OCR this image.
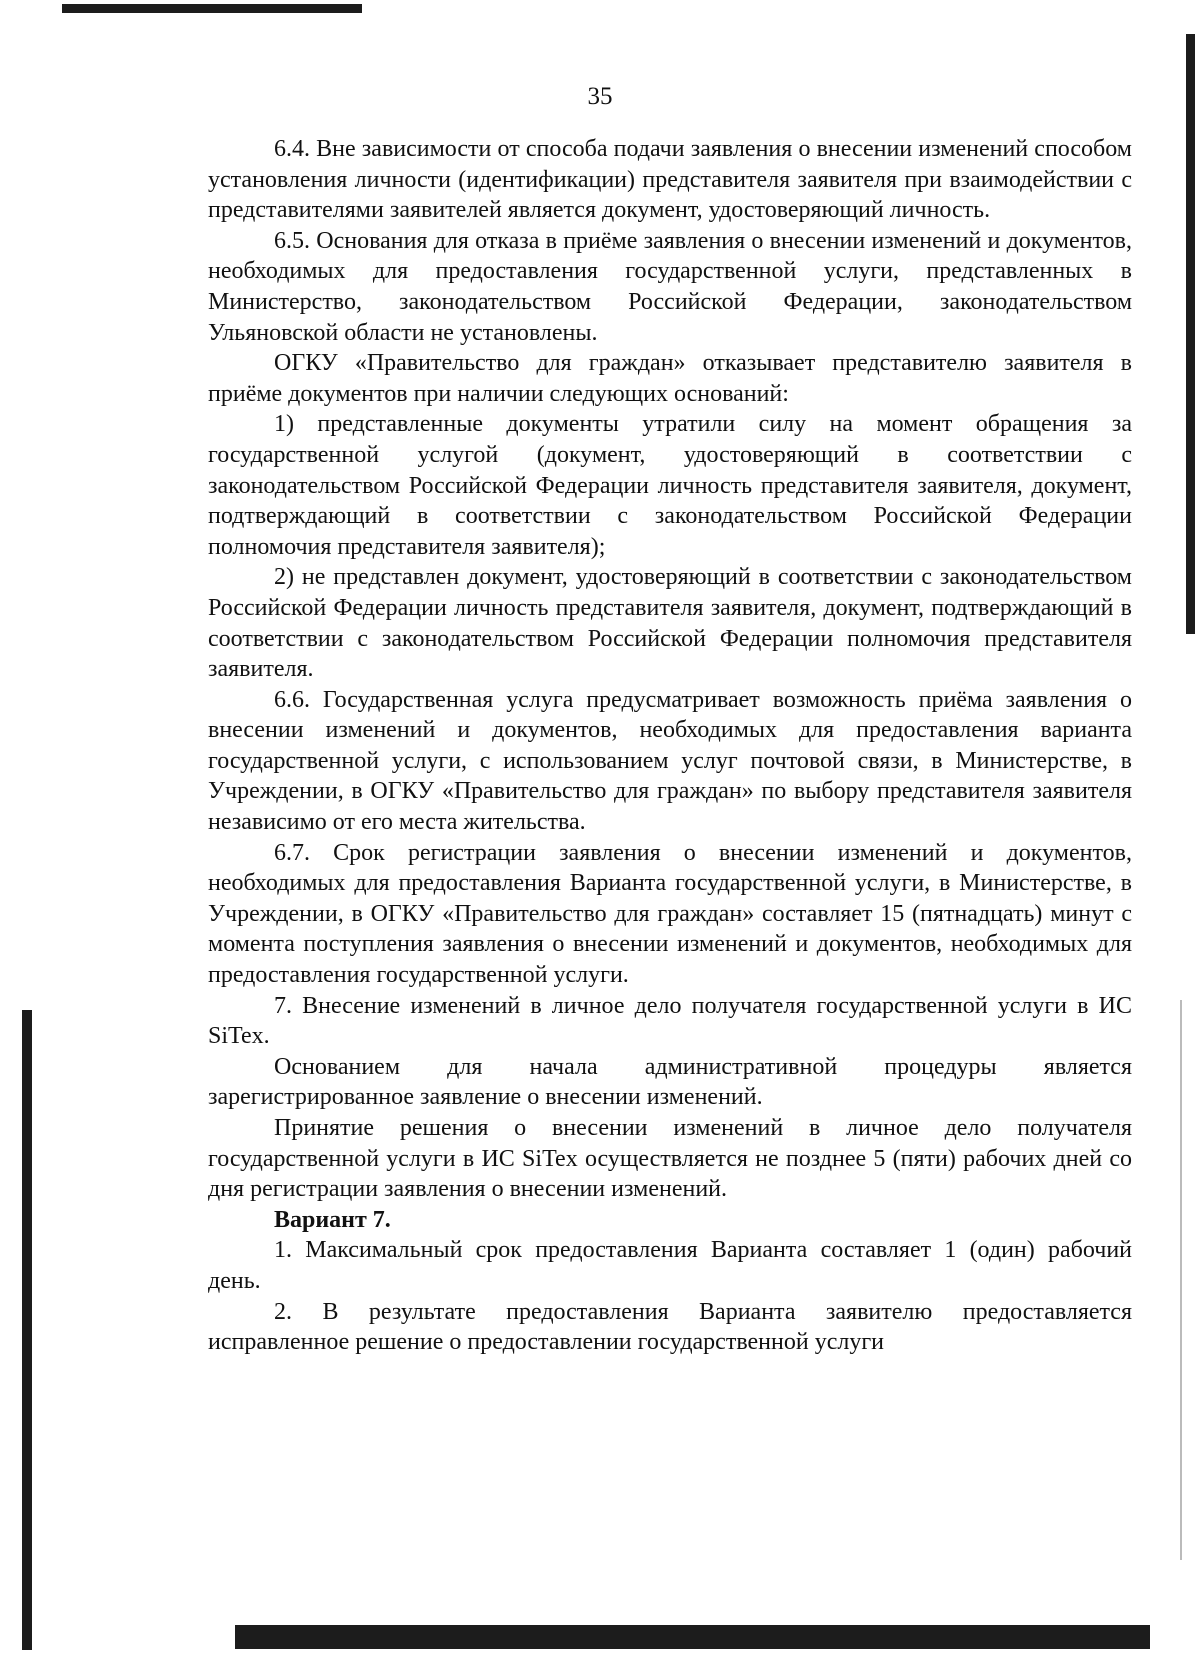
35

6.4. Вне зависимости от способа подачи заявления о внесении изменений способом установления личности (идентификации) представителя заявителя при взаимодействии с представителями заявителей является документ, удостоверяющий личность.

6.5. Основания для отказа в приёме заявления о внесении изменений и документов, необходимых для предоставления государственной услуги, представленных в Министерство, законодательством Российской Федерации, законодательством Ульяновской области не установлены.

ОГКУ «Правительство для граждан» отказывает представителю заявителя в приёме документов при наличии следующих оснований:

1) представленные документы утратили силу на момент обращения за государственной услугой (документ, удостоверяющий в соответствии с законодательством Российской Федерации личность представителя заявителя, документ, подтверждающий в соответствии с законодательством Российской Федерации полномочия представителя заявителя);

2) не представлен документ, удостоверяющий в соответствии с законодательством Российской Федерации личность представителя заявителя, документ, подтверждающий в соответствии с законодательством Российской Федерации полномочия представителя заявителя.

6.6. Государственная услуга предусматривает возможность приёма заявления о внесении изменений и документов, необходимых для предоставления варианта государственной услуги, с использованием услуг почтовой связи, в Министерстве, в Учреждении, в ОГКУ «Правительство для граждан» по выбору представителя заявителя независимо от его места жительства.

6.7. Срок регистрации заявления о внесении изменений и документов, необходимых для предоставления Варианта государственной услуги, в Министерстве, в Учреждении, в ОГКУ «Правительство для граждан» составляет 15 (пятнадцать) минут с момента поступления заявления о внесении изменений и документов, необходимых для предоставления государственной услуги.

7. Внесение изменений в личное дело получателя государственной услуги в ИС SiTex.

Основанием для начала административной процедуры является зарегистрированное заявление о внесении изменений.

Принятие решения о внесении изменений в личное дело получателя государственной услуги в ИС SiTex осуществляется не позднее 5 (пяти) рабочих дней со дня регистрации заявления о внесении изменений.

Вариант 7.

1. Максимальный срок предоставления Варианта составляет 1 (один) рабочий день.

2. В результате предоставления Варианта заявителю предоставляется исправленное решение о предоставлении государственной услуги
